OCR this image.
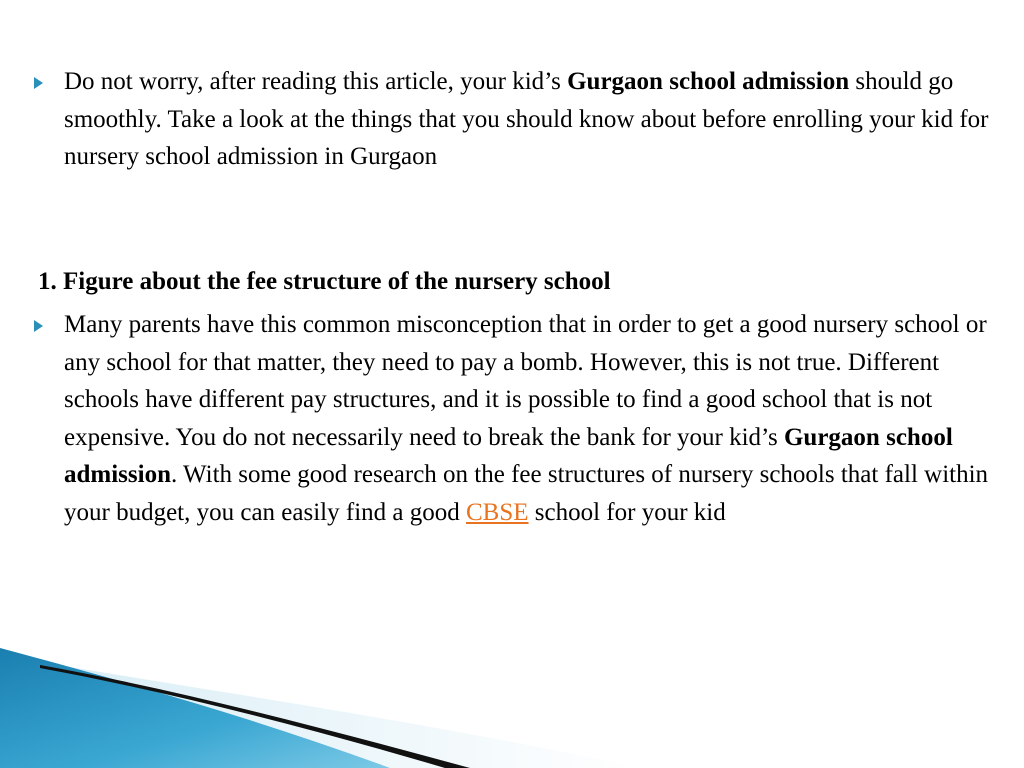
Do not worry, after reading this article, your kid’s Gurgaon school admission should go smoothly. Take a look at the things that you should know about before enrolling your kid for nursery school admission in Gurgaon

1. Figure about the fee structure of the nursery school

Many parents have this common misconception that in order to get a good nursery school or any school for that matter, they need to pay a bomb. However, this is not true. Different schools have different pay structures, and it is possible to find a good school that is not expensive. You do not necessarily need to break the bank for your kid’s Gurgaon school admission. With some good research on the fee structures of nursery schools that fall within your budget, you can easily find a good CBSE school for your kid
